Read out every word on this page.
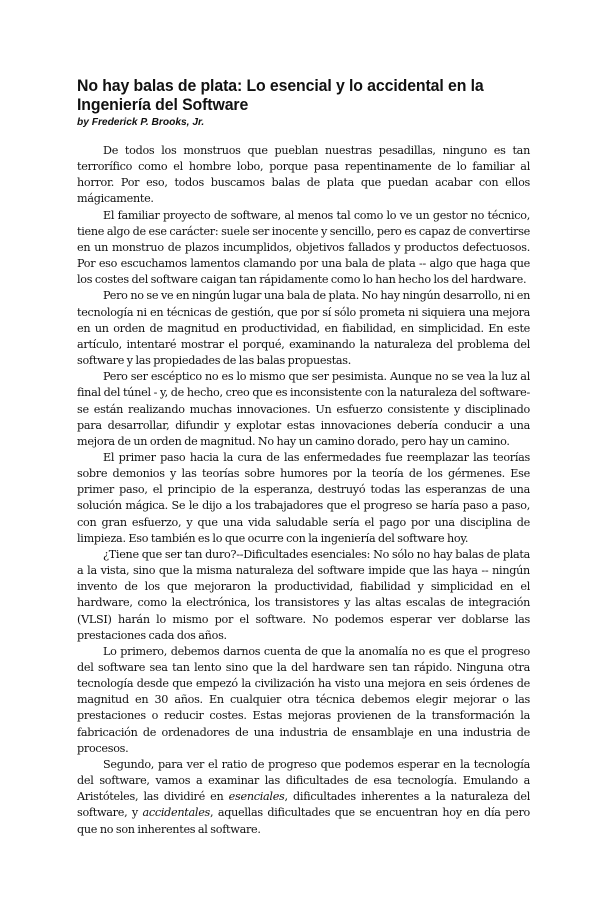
No hay balas de plata: Lo esencial y lo accidental en la Ingeniería del Software
by Frederick P. Brooks, Jr.

De todos los monstruos que pueblan nuestras pesadillas, ninguno es tan terrorífico como el hombre lobo, porque pasa repentinamente de lo familiar al horror. Por eso, todos buscamos balas de plata que puedan acabar con ellos mágicamente.

El familiar proyecto de software, al menos tal como lo ve un gestor no técnico, tiene algo de ese carácter: suele ser inocente y sencillo, pero es capaz de convertirse en un monstruo de plazos incumplidos, objetivos fallados y productos defectuosos. Por eso escuchamos lamentos clamando por una bala de plata -- algo que haga que los costes del software caigan tan rápidamente como lo han hecho los del hardware.

Pero no se ve en ningún lugar una bala de plata. No hay ningún desarrollo, ni en tecnología ni en técnicas de gestión, que por sí sólo prometa ni siquiera una mejora en un orden de magnitud en productividad, en fiabilidad, en simplicidad. En este artículo, intentaré mostrar el porqué, examinando la naturaleza del problema del software y las propiedades de las balas propuestas.

Pero ser escéptico no es lo mismo que ser pesimista. Aunque no se vea la luz al final del túnel - y, de hecho, creo que es inconsistente con la naturaleza del software- se están realizando muchas innovaciones. Un esfuerzo consistente y disciplinado para desarrollar, difundir y explotar estas innovaciones debería conducir a una mejora de un orden de magnitud. No hay un camino dorado, pero hay un camino.

El primer paso hacia la cura de las enfermedades fue reemplazar las teorías sobre demonios y las teorías sobre humores por la teoría de los gérmenes. Ese primer paso, el principio de la esperanza, destruyó todas las esperanzas de una solución mágica. Se le dijo a los trabajadores que el progreso se haría paso a paso, con gran esfuerzo, y que una vida saludable sería el pago por una disciplina de limpieza. Eso también es lo que ocurre con la ingeniería del software hoy.

¿Tiene que ser tan duro?--Dificultades esenciales: No sólo no hay balas de plata a la vista, sino que la misma naturaleza del software impide que las haya -- ningún invento de los que mejoraron la productividad, fiabilidad y simplicidad en el hardware, como la electrónica, los transistores y las altas escalas de integración (VLSI) harán lo mismo por el software. No podemos esperar ver doblarse las prestaciones cada dos años.

Lo primero, debemos darnos cuenta de que la anomalía no es que el progreso del software sea tan lento sino que la del hardware sen tan rápido. Ninguna otra tecnología desde que empezó la civilización ha visto una mejora en seis órdenes de magnitud en 30 años. En cualquier otra técnica debemos elegir mejorar o las prestaciones o reducir costes. Estas mejoras provienen de la transformación la fabricación de ordenadores de una industria de ensamblaje en una industria de procesos.

Segundo, para ver el ratio de progreso que podemos esperar en la tecnología del software, vamos a examinar las dificultades de esa tecnología. Emulando a Aristóteles, las dividiré en esenciales, dificultades inherentes a la naturaleza del software, y accidentales, aquellas dificultades que se encuentran hoy en día pero que no son inherentes al software.
